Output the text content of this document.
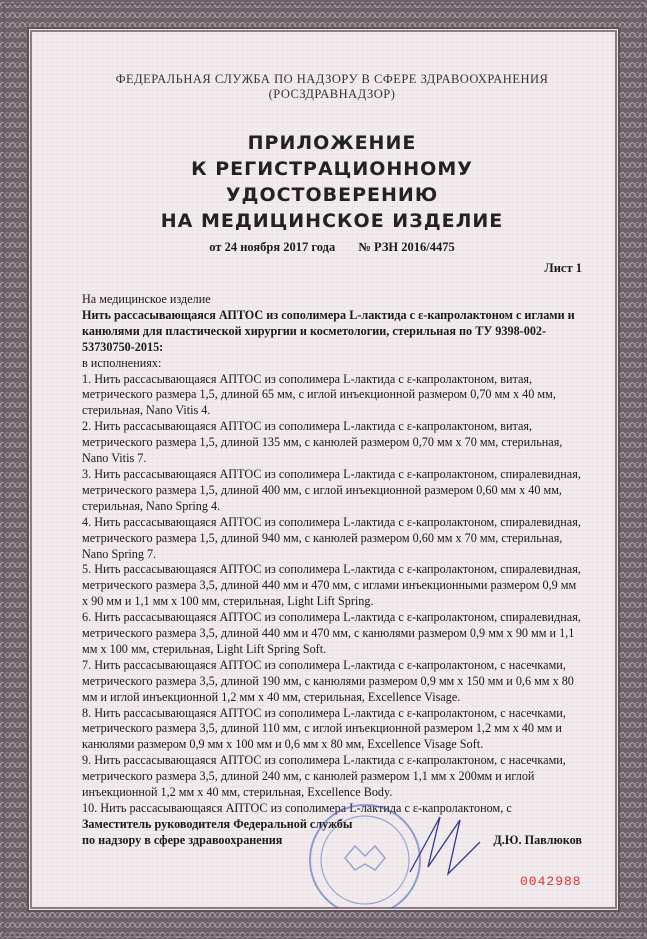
ФЕДЕРАЛЬНАЯ СЛУЖБА ПО НАДЗОРУ В СФЕРЕ ЗДРАВООХРАНЕНИЯ
(РОСЗДРАВНАДЗОР)
ПРИЛОЖЕНИЕ
К РЕГИСТРАЦИОННОМУ УДОСТОВЕРЕНИЮ
НА МЕДИЦИНСКОЕ ИЗДЕЛИЕ
от 24 ноября 2017 года № РЗН 2016/4475
Лист 1
На медицинское изделие
Нить рассасывающаяся АПТОС из сополимера L-лактида с ε-капролактоном с иглами и канюлями для пластической хирургии и косметологии, стерильная по ТУ 9398-002-53730750-2015:
в исполнениях:
1. Нить рассасывающаяся АПТОС из сополимера L-лактида с ε-капролактоном, витая, метрического размера 1,5, длиной 65 мм, с иглой инъекционной размером 0,70 мм х 40 мм, стерильная, Nano Vitis 4.
2. Нить рассасывающаяся АПТОС из сополимера L-лактида с ε-капролактоном, витая, метрического размера 1,5, длиной 135 мм, с канюлей размером 0,70 мм х 70 мм, стерильная, Nano Vitis 7.
3. Нить рассасывающаяся АПТОС из сополимера L-лактида с ε-капролактоном, спиралевидная, метрического размера 1,5, длиной 400 мм, с иглой инъекционной размером 0,60 мм х 40 мм, стерильная, Nano Spring 4.
4. Нить рассасывающаяся АПТОС из сополимера L-лактида с ε-капролактоном, спиралевидная, метрического размера 1,5, длиной 940 мм, с канюлей размером 0,60 мм х 70 мм, стерильная, Nano Spring 7.
5. Нить рассасывающаяся АПТОС из сополимера L-лактида с ε-капролактоном, спиралевидная, метрического размера 3,5, длиной 440 мм и 470 мм, с иглами инъекционными размером 0,9 мм х 90 мм и 1,1 мм х 100 мм, стерильная, Light Lift Spring.
6. Нить рассасывающаяся АПТОС из сополимера L-лактида с ε-капролактоном, спиралевидная, метрического размера 3,5, длиной 440 мм и 470 мм, с канюлями размером 0,9 мм х 90 мм и 1,1 мм х 100 мм, стерильная, Light Lift Spring Soft.
7. Нить рассасывающаяся АПТОС из сополимера L-лактида с ε-капролактоном, с насечками, метрического размера 3,5, длиной 190 мм, с канюлями размером 0,9 мм х 150 мм и 0,6 мм х 80 мм и иглой инъекционной 1,2 мм х 40 мм, стерильная, Excellence Visage.
8. Нить рассасывающаяся АПТОС из сополимера L-лактида с ε-капролактоном, с насечками, метрического размера 3,5, длиной 110 мм, с иглой инъекционной размером 1,2 мм х 40 мм и канюлями размером 0,9 мм х 100 мм и 0,6 мм х 80 мм, Excellence Visage Soft.
9. Нить рассасывающаяся АПТОС из сополимера L-лактида с ε-капролактоном, с насечками, метрического размера 3,5, длиной 240 мм, с канюлей размером 1,1 мм х 200мм и иглой инъекционной 1,2 мм х 40 мм, стерильная, Excellence Body.
10. Нить рассасывающаяся АПТОС из сополимера L-лактида с ε-капролактоном, с
Заместитель руководителя Федеральной службы
по надзору в сфере здравоохранения	Д.Ю. Павлюков
0042988
